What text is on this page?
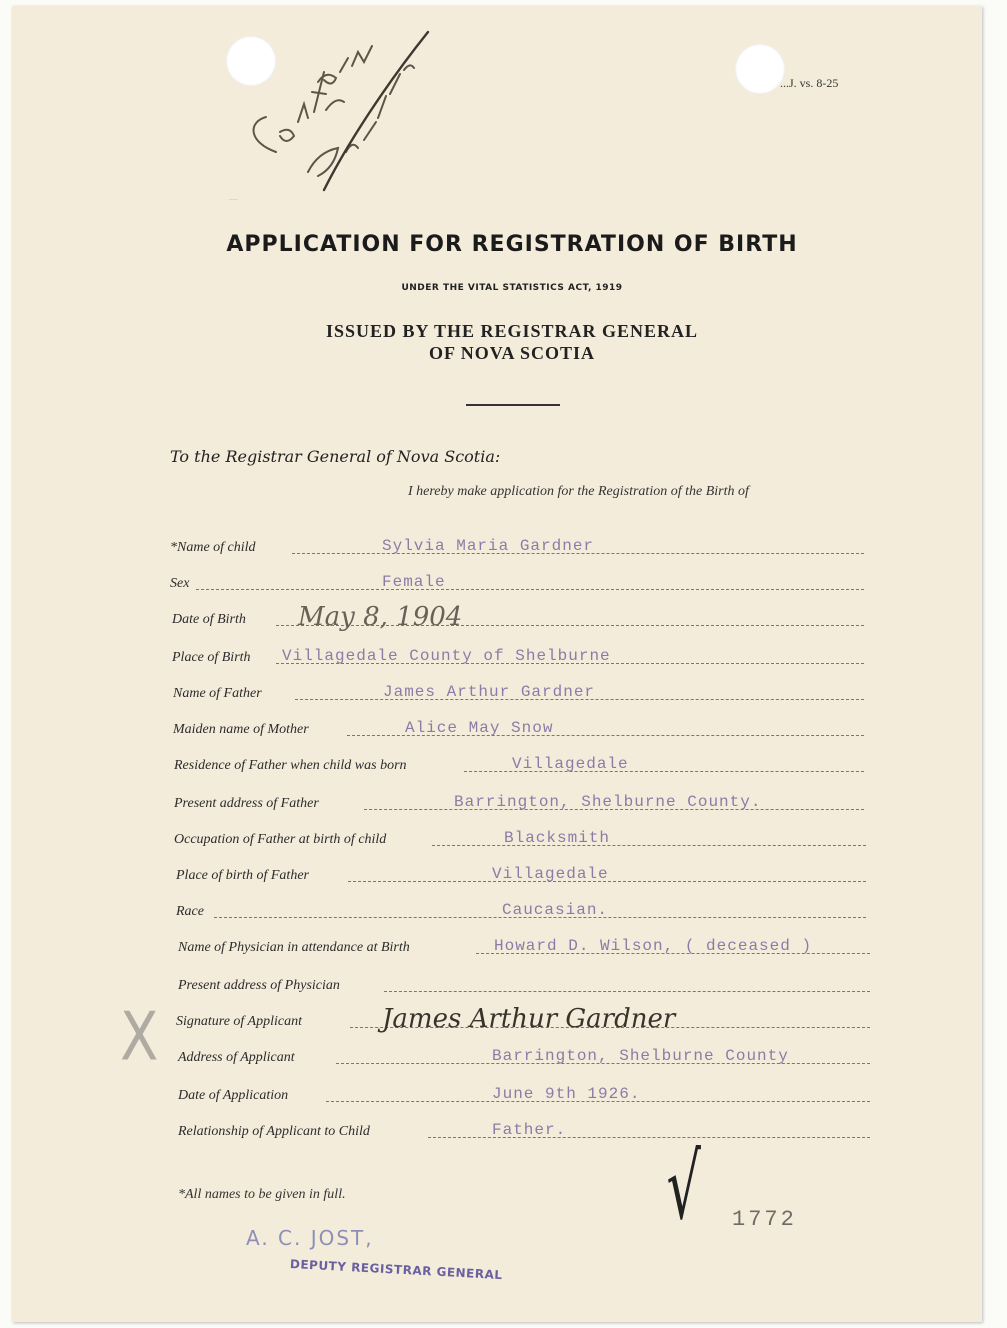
...J. vs. 8-25
Certs sent June 16/26
APPLICATION FOR REGISTRATION OF BIRTH
UNDER THE VITAL STATISTICS ACT, 1919
ISSUED BY THE REGISTRAR GENERAL
OF NOVA SCOTIA
To the Registrar General of Nova Scotia:
I hereby make application for the Registration of the Birth of
*Name of child	Sylvia Maria Gardner
Sex	Female
Date of Birth May 8, 1904
Place of Birth Villagedale County of Shelburne
Name of Father	James Arthur Gardner
Maiden name of Mother	Alice May Snow
Residence of Father when child was born	Villagedale
Present address of Father	Barrington, Shelburne County.
Occupation of Father at birth of child	Blacksmith
Place of birth of Father	Villagedale
Race	Caucasian.
Name of Physician in attendance at Birth	Howard D. Wilson, ( deceased )
Present address of Physician
Signature of Applicant	James Arthur Gardner
Address of Applicant	Barrington, Shelburne County
Date of Application	June 9th 1926.
Relationship of Applicant to Child	Father.
X
*All names to be given in full.	√ 1772
A. C. JOST,
DEPUTY REGISTRAR GENERAL
